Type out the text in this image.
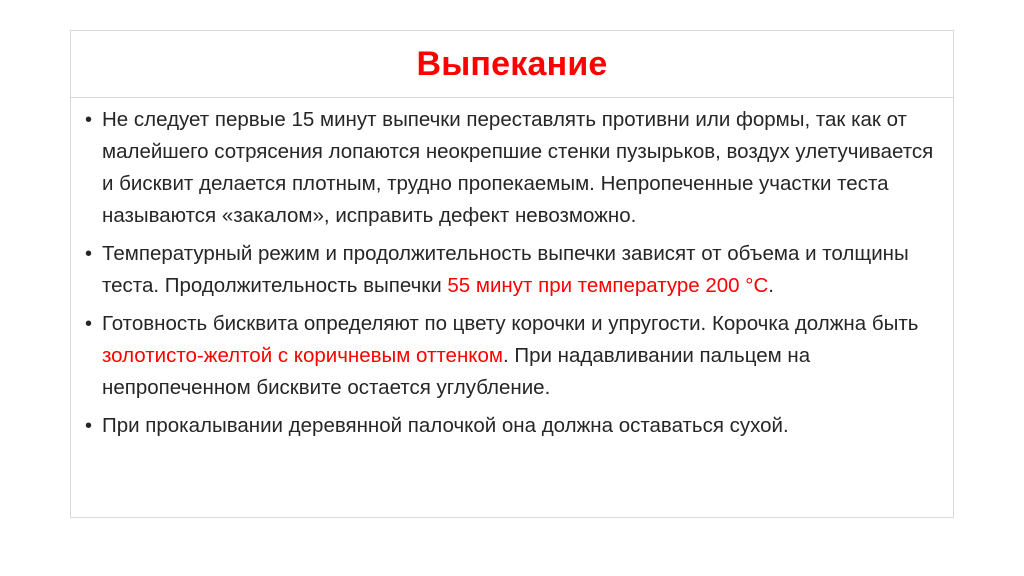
Выпекание
• Не следует первые 15 минут выпечки переставлять противни или формы, так как от малейшего сотрясения лопаются неокрепшие стенки пузырьков, воздух улетучивается и бисквит делается плотным, трудно пропекаемым. Непропеченные участки теста называются «закалом», исправить дефект невозможно.
• Температурный режим и продолжительность выпечки зависят от объема и толщины теста. Продолжительность выпечки 55 минут при температуре 200 °С.
• Готовность бисквита определяют по цвету корочки и упругости. Корочка должна быть золотисто-желтой с коричневым оттенком. При надавливании пальцем на непропеченном бисквите остается углубление.
• При прокалывании деревянной палочкой она должна оставаться сухой.
